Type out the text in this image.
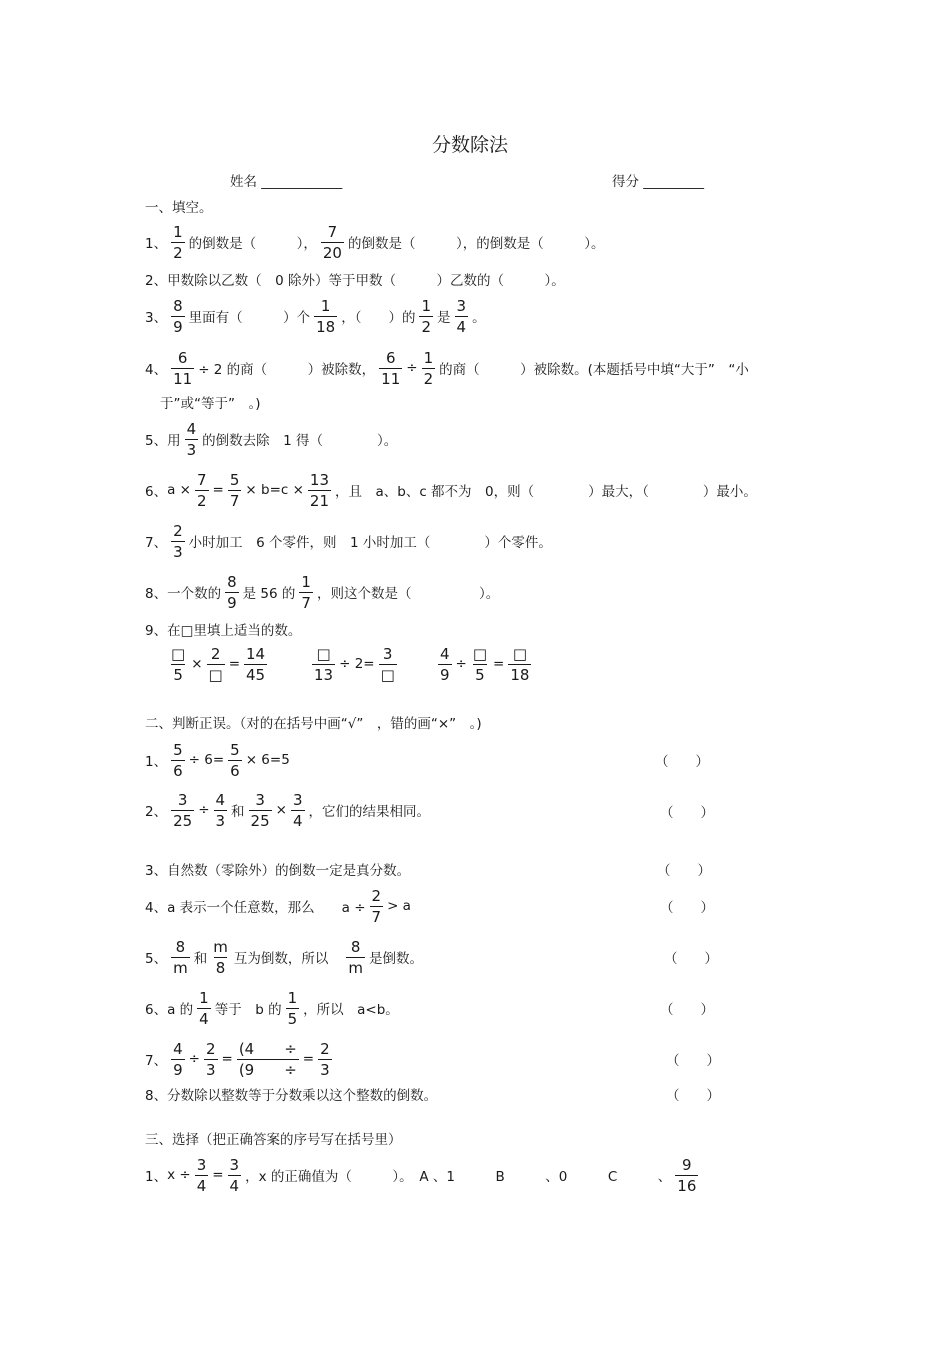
分数除法
姓名 ____________	得分 _________
一、填空。
1、 $\frac{1}{2}$ 的倒数是（　　　）， $\frac{7}{20}$ 的倒数是（　　　），的倒数是（　　　）。
2、甲数除以乙数（　0 除外）等于甲数（　　　）乙数的（　　　）。
3、 $\frac{8}{9}$ 里面有（　　　）个 $\frac{1}{18}$ ，（　　）的 $\frac{1}{2}$ 是 $\frac{3}{4}$ 。
4、 $\frac{6}{11} \div 2$ 的商（　　　）被除数， $\frac{6}{11} \div \frac{1}{2}$ 的商（　　　）被除数。(本题括号中填“大于”　“小
于”或“等于”　。)
5、用 $\frac{4}{3}$ 的倒数去除　1 得（　　　　）。
6、 $a \times \frac{7}{2} = \frac{5}{7} \times b=c \times \frac{13}{21}$ ，且　a、b、c 都不为　0，则（　　　　）最大，（　　　　）最小。
7、 $\frac{2}{3}$ 小时加工　6 个零件，则　1 小时加工（　　　　）个零件。
8、一个数的 $\frac{8}{9}$ 是 56 的 $\frac{1}{7}$ ，则这个数是（　　　　　）。
9、在□里填上适当的数。
$\frac{□}{5} \times \frac{2}{□} = \frac{14}{45}$	$\frac{□}{13} \div 2= \frac{3}{□}$	$\frac{4}{9} \div \frac{□}{5} = \frac{□}{18}$
二、判断正误。（对的在括号中画“√”　，错的画“×”　。)
1、 $\frac{5}{6} \div 6= \frac{5}{6} \times 6=5$	（　　）
2、 $\frac{3}{25} \div \frac{4}{3}$ 和 $\frac{3}{25} \times \frac{3}{4}$ ，它们的结果相同。	（　　）
3、自然数（零除外）的倒数一定是真分数。	（　　）
4、a 表示一个任意数，那么　　$a \div \frac{2}{7} > a$	（　　）
5、 $\frac{8}{m}$ 和 $\frac{m}{8}$ 互为倒数，所以 $\frac{8}{m}$ 是倒数。	（　　）
6、a 的 $\frac{1}{4}$ 等于　b 的 $\frac{1}{5}$ ，所以　a<b。	（　　）
7、 $\frac{4}{9} \div \frac{2}{3} = \frac{(4 \div}{(9 \div} = \frac{2}{3}$	（　　）
8、分数除以整数等于分数乘以这个整数的倒数。	（　　）
三、选择（把正确答案的序号写在括号里）
1、 $x \div \frac{3}{4} = \frac{3}{4}$ ，x 的正确值为（　　　）。　A 、1　　　B　　　、0　　　C　　　、 $\frac{9}{16}$
